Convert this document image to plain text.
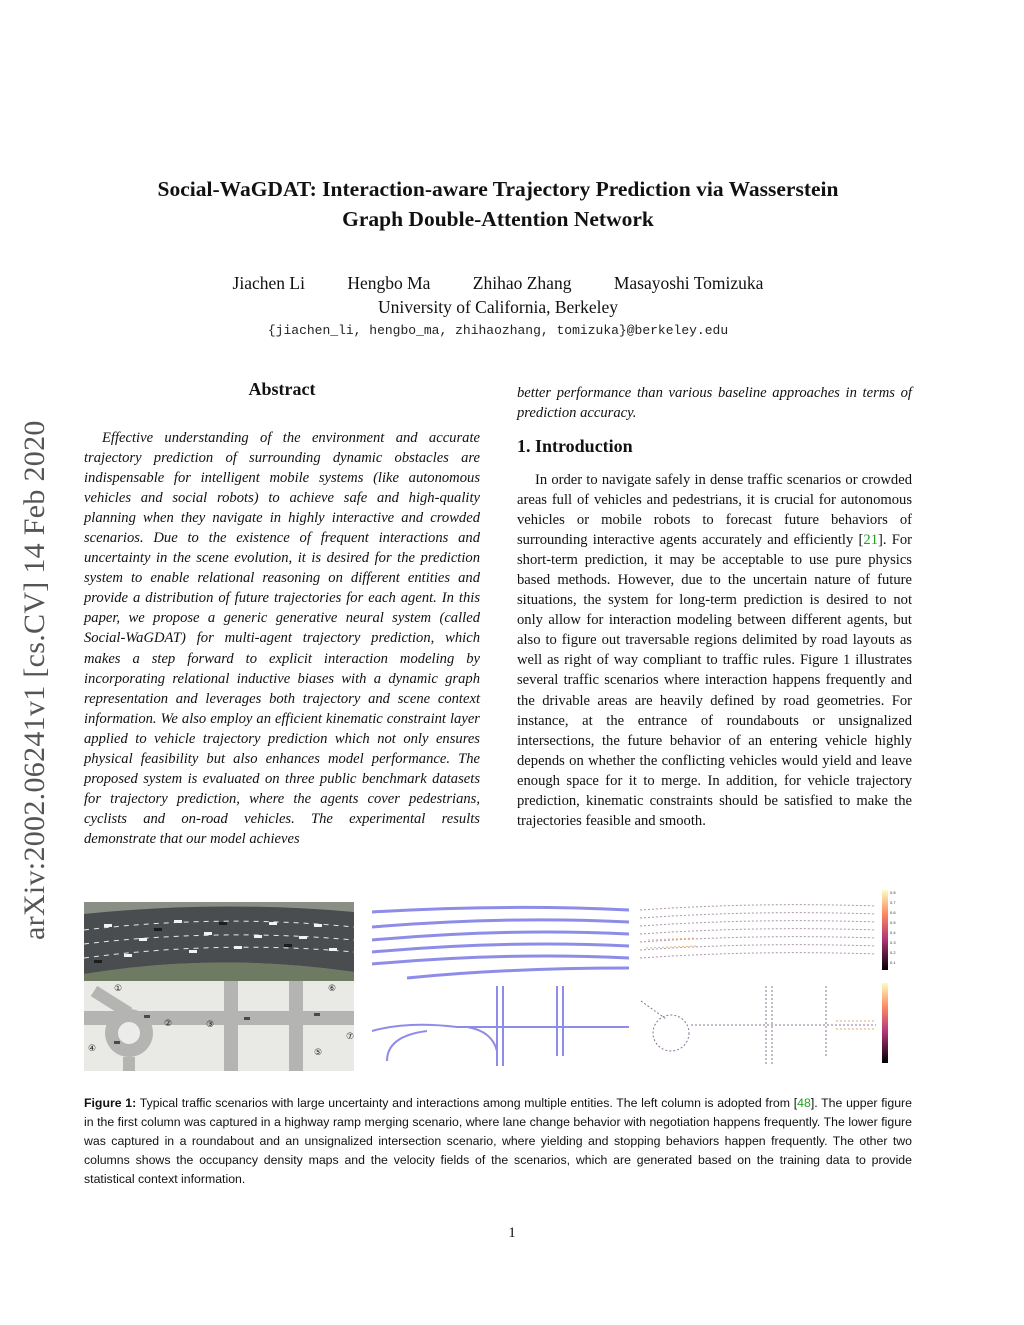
arXiv:2002.06241v1 [cs.CV] 14 Feb 2020
Social-WaGDAT: Interaction-aware Trajectory Prediction via Wasserstein
Graph Double-Attention Network
Jiachen Li Hengbo Ma Zhihao Zhang Masayoshi Tomizuka
University of California, Berkeley
{jiachen_li, hengbo_ma, zhihaozhang, tomizuka}@berkeley.edu
Abstract
Effective understanding of the environment and accurate trajectory prediction of surrounding dynamic obstacles are indispensable for intelligent mobile systems (like autonomous vehicles and social robots) to achieve safe and high-quality planning when they navigate in highly interactive and crowded scenarios. Due to the existence of frequent interactions and uncertainty in the scene evolution, it is desired for the prediction system to enable relational reasoning on different entities and provide a distribution of future trajectories for each agent. In this paper, we propose a generic generative neural system (called Social-WaGDAT) for multi-agent trajectory prediction, which makes a step forward to explicit interaction modeling by incorporating relational inductive biases with a dynamic graph representation and leverages both trajectory and scene context information. We also employ an efficient kinematic constraint layer applied to vehicle trajectory prediction which not only ensures physical feasibility but also enhances model performance. The proposed system is evaluated on three public benchmark datasets for trajectory prediction, where the agents cover pedestrians, cyclists and on-road vehicles. The experimental results demonstrate that our model achieves
better performance than various baseline approaches in terms of prediction accuracy.
1. Introduction
In order to navigate safely in dense traffic scenarios or crowded areas full of vehicles and pedestrians, it is crucial for autonomous vehicles or mobile robots to forecast future behaviors of surrounding interactive agents accurately and efficiently [21]. For short-term prediction, it may be acceptable to use pure physics based methods. However, due to the uncertain nature of future situations, the system for long-term prediction is desired to not only allow for interaction modeling between different agents, but also to figure out traversable regions delimited by road layouts as well as right of way compliant to traffic rules. Figure 1 illustrates several traffic scenarios where interaction happens frequently and the drivable areas are heavily defined by road geometries. For instance, at the entrance of roundabouts or unsignalized intersections, the future behavior of an entering vehicle highly depends on whether the conflicting vehicles would yield and leave enough space for it to merge. In addition, for vehicle trajectory prediction, kinematic constraints should be satisfied to make the trajectories feasible and smooth.
0.8
0.7
0.6
0.5
0.4
0.3
0.2
0.1
①
②	③
④	⑤
⑥
⑦
Figure 1: Typical traffic scenarios with large uncertainty and interactions among multiple entities. The left column is adopted from [48]. The upper figure in the first column was captured in a highway ramp merging scenario, where lane change behavior with negotiation happens frequently. The lower figure was captured in a roundabout and an unsignalized intersection scenario, where yielding and stopping behaviors happen frequently. The other two columns shows the occupancy density maps and the velocity fields of the scenarios, which are generated based on the training data to provide statistical context information.
1
